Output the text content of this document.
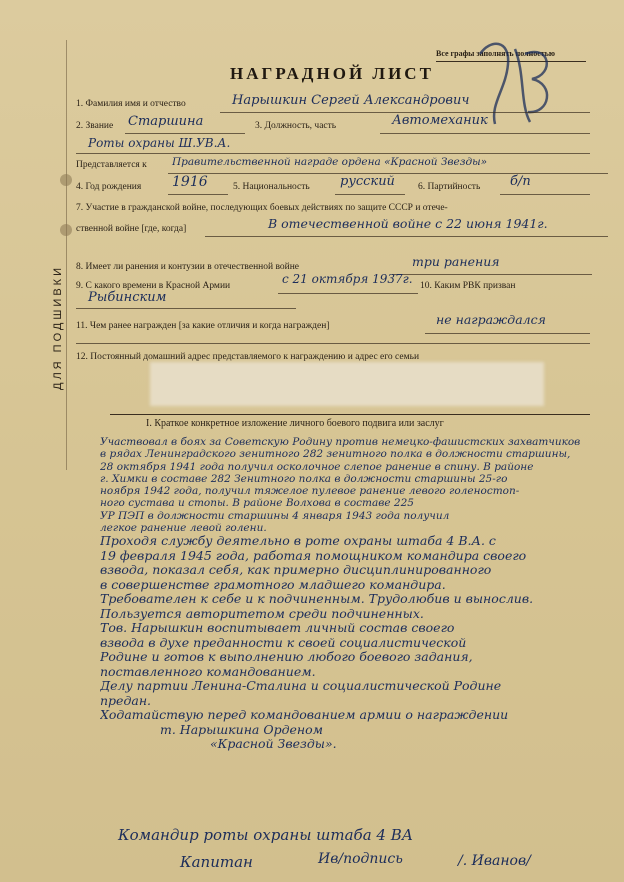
Все графы заполнять полностью
НАГРАДНОЙ ЛИСТ
1. Фамилия имя и отчество	Нарышкин Сергей Александрович
2. Звание Старшина	3. Должность, часть	Автомеханик
Роты охраны Ш.УВ.А.
Представляется к Правительственной награде ордена «Красной Звезды»
4. Год рождения 1916	5. Национальность русский 6. Партийность б/п
7. Участие в гражданской войне, последующих боевых действиях по защите СССР и отече-
ственной войне [где, когда]	В отечественной войне с 22 июня 1941г.
8. Имеет ли ранения и контузии в отечественной войне	три ранения
9. С какого времени в Красной Армии	с 21 октября 1937г. 10. Каким РВК призван
Рыбинским
11. Чем ранее награжден [за какие отличия и когда награжден]	не награждался
12. Постоянный домашний адрес представляемого к награждению и адрес его семьи
ДЛЯ ПОДШИВКИ
I. Краткое конкретное изложение личного боевого подвига или заслуг
Участвовал в боях за Советскую Родину против немецко-фашистских захватчиков
в рядах Ленинградского зенитного 282 зенитного полка в должности старшины,
28 октября 1941 года получил осколочное слепое ранение в спину. В районе
г. Химки в составе 282 Зенитного полка в должности старшины 25-го
ноября 1942 года, получил тяжелое пулевое ранение левого голеностоп-
ного сустава и стопы. В районе Волхова в составе 225
УР ПЭП в должности старшины 4 января 1943 года получил
легкое ранение левой голени.
Проходя службу деятельно в роте охраны штаба 4 В.А. с
19 февраля 1945 года, работая помощником командира своего
взвода, показал себя, как примерно дисциплинированного
в совершенстве грамотного младшего командира.
Требователен к себе и к подчиненным. Трудолюбив и вынослив.
Пользуется авторитетом среди подчиненных.
Тов. Нарышкин воспитывает личный состав своего
взвода в духе преданности к своей социалистической
Родине и готов к выполнению любого боевого задания,
поставленного командованием.
Делу партии Ленина-Сталина и социалистической Родине
предан.
Ходатайствую перед командованием армии о награждении
т. Нарышкина Орденом
«Красной Звезды».
Командир роты охраны штаба 4 ВА
Капитан	Ив/подпись	/. Иванов/
